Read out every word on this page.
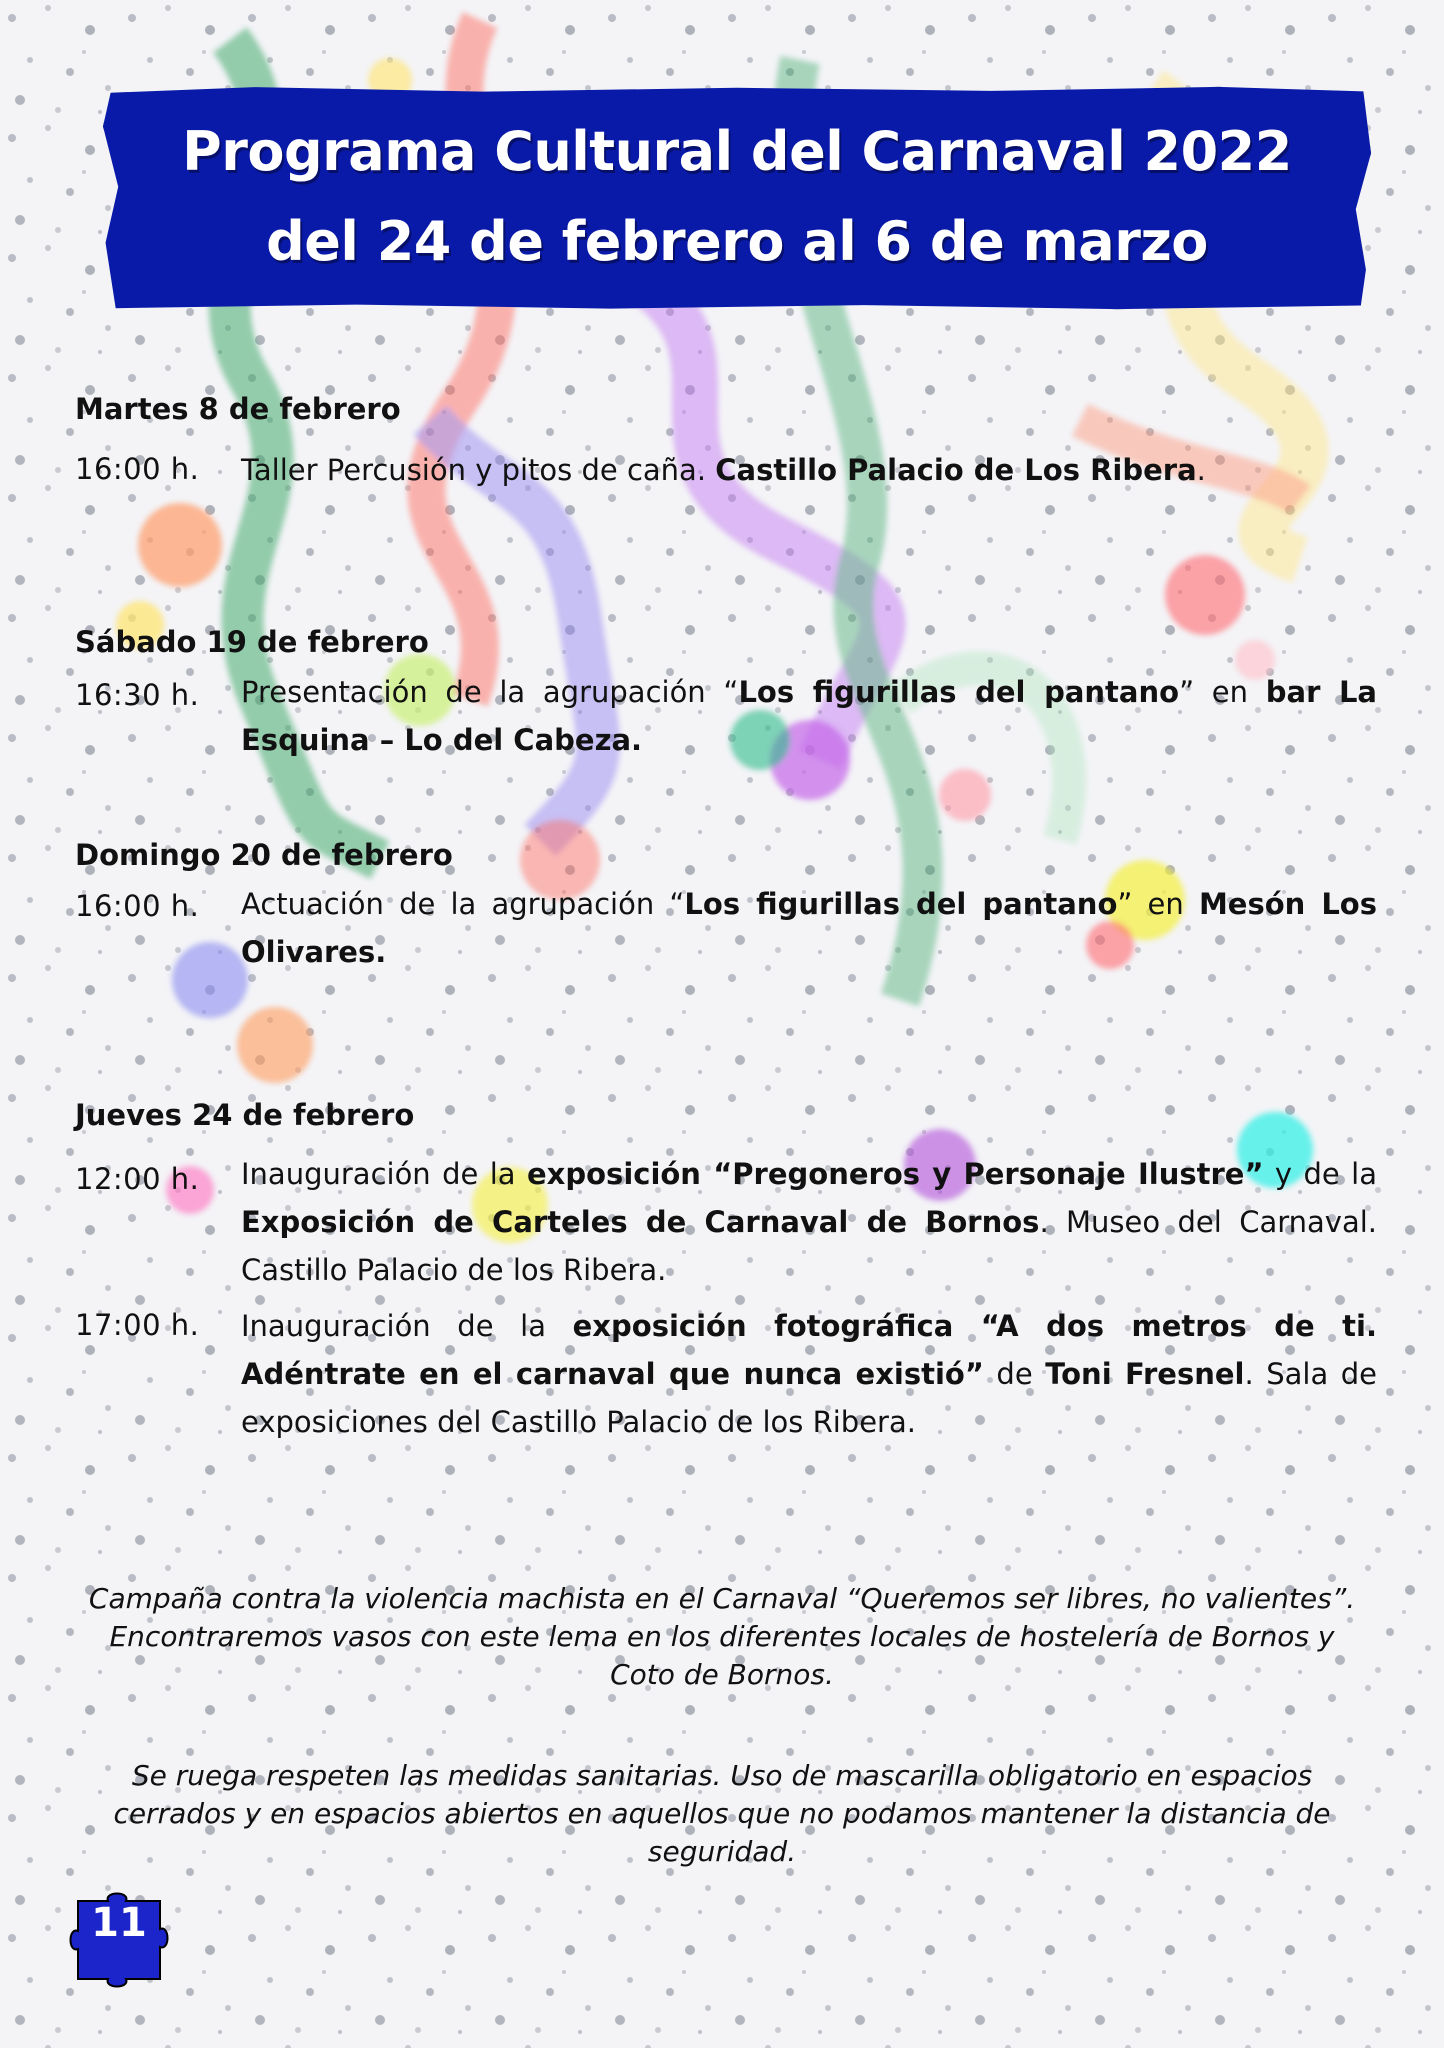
Programa Cultural del Carnaval 2022
del 24 de febrero al 6 de marzo
Martes 8 de febrero
16:00 h. Taller Percusión y pitos de caña. Castillo Palacio de Los Ribera.
Sábado 19 de febrero
16:30 h. Presentación de la agrupación “Los figurillas del pantano” en bar La Esquina – Lo del Cabeza.
Domingo 20 de febrero
16:00 h. Actuación de la agrupación “Los figurillas del pantano” en Mesón Los Olivares.
Jueves 24 de febrero
12:00 h. Inauguración de la exposición “Pregoneros y Personaje Ilustre” y de la Exposición de Carteles de Carnaval de Bornos. Museo del Carnaval. Castillo Palacio de los Ribera.
17:00 h. Inauguración de la exposición fotográfica “A dos metros de ti. Adéntrate en el carnaval que nunca existió” de Toni Fresnel. Sala de exposiciones del Castillo Palacio de los Ribera.
Campaña contra la violencia machista en el Carnaval “Queremos ser libres, no valientes”. Encontraremos vasos con este lema en los diferentes locales de hostelería de Bornos y Coto de Bornos.
Se ruega respeten las medidas sanitarias. Uso de mascarilla obligatorio en espacios cerrados y en espacios abiertos en aquellos que no podamos mantener la distancia de seguridad.
11
